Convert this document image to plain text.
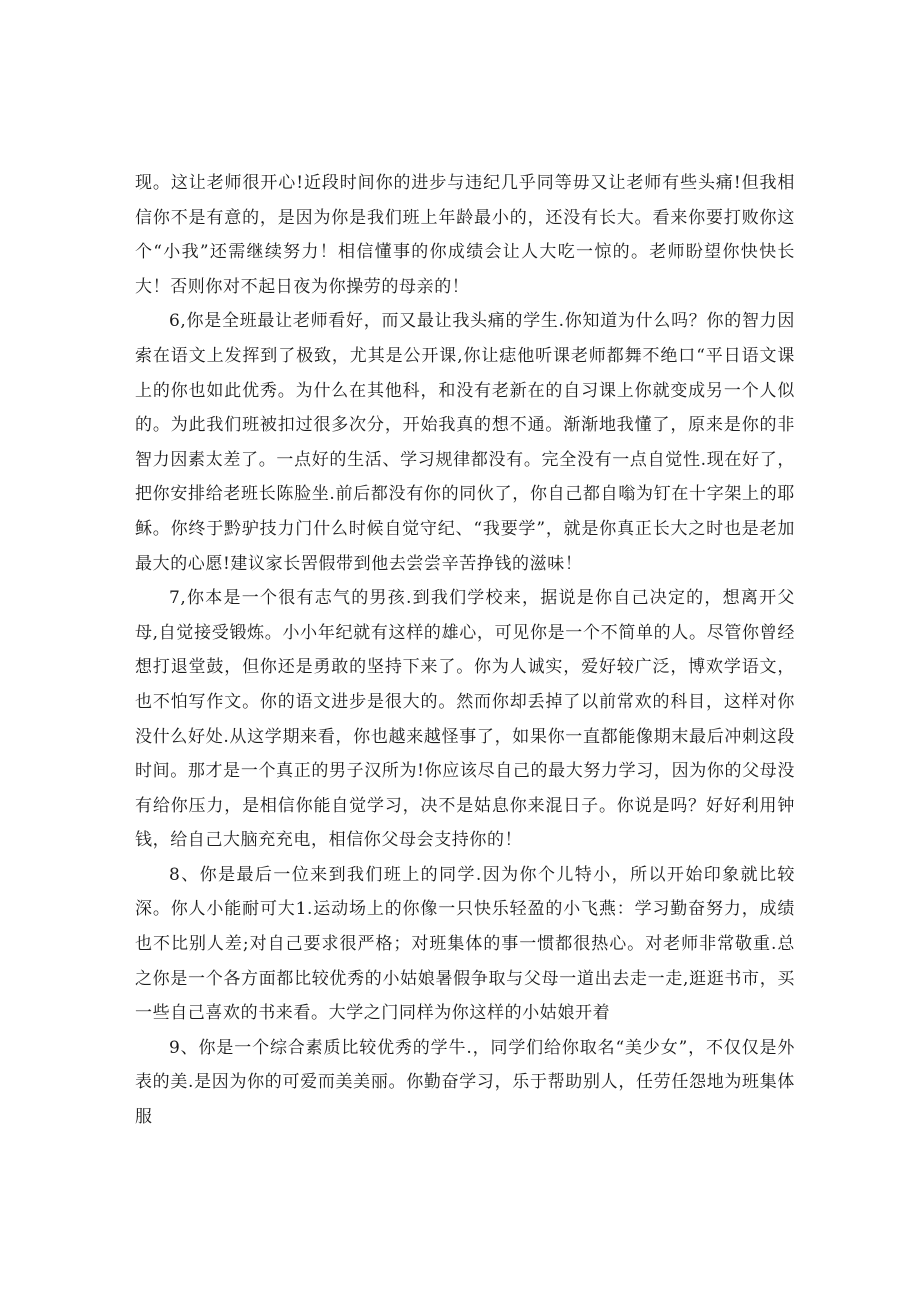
现。这让老师很开心!近段时间你的进步与违纪几乎同等毋又让老师有些头痛!但我相信你不是有意的，是因为你是我们班上年龄最小的，还没有长大。看来你要打败你这个“小我”还需继续努力！相信懂事的你成绩会让人大吃一惊的。老师盼望你快快长大！否则你对不起日夜为你操劳的母亲的！

6,你是全班最让老师看好，而又最让我头痛的学生.你知道为什么吗？你的智力因索在语文上发挥到了极致，尤其是公开课,你让痣他听课老师都舞不绝口“平日语文课上的你也如此优秀。为什么在其他科，和没有老新在的自习课上你就变成另一个人似的。为此我们班被扣过很多次分，开始我真的想不通。渐渐地我懂了，原来是你的非智力因素太差了。一点好的生活、学习规律都没有。完全没有一点自觉性.现在好了，把你安排给老班长陈脸坐.前后都没有你的同伙了，你自己都自嗡为钉在十字架上的耶稣。你终于黔驴技力门什么时候自觉守纪、“我要学”，就是你真正长大之时也是老加最大的心愿!建议家长罟假带到他去尝尝辛苦挣钱的滋味！

7,你本是一个很有志气的男孩.到我们学校来，据说是你自己决定的，想离开父母,自觉接受锻炼。小小年纪就有这样的雄心，可见你是一个不简单的人。尽管你曾经想打退堂鼓，但你还是勇敢的坚持下来了。你为人诚实，爱好较广泛，博欢学语文，也不怕写作文。你的语文进步是很大的。然而你却丢掉了以前常欢的科目，这样对你没什么好处.从这学期来看，你也越来越怪事了，如果你一直都能像期末最后冲刺这段时间。那才是一个真正的男子汉所为!你应该尽自己的最大努力学习，因为你的父母没有给你压力，是相信你能自觉学习，决不是姑息你来混日子。你说是吗？好好利用钟钱，给自己大脑充充电，相信你父母会支持你的！

8、你是最后一位来到我们班上的同学.因为你个儿特小，所以开始印象就比较深。你人小能耐可大1.运动场上的你像一只快乐轻盈的小飞燕：学习勤奋努力，成绩也不比别人差;对自己要求很严格；对班集体的事一惯都很热心。对老师非常敬重.总之你是一个各方面都比较优秀的小姑娘暑假争取与父母一道出去走一走,逛逛书市，买一些自己喜欢的书来看。大学之门同样为你这样的小姑娘开着

9、你是一个综合素质比较优秀的学牛.，同学们给你取名“美少女”，不仅仅是外表的美.是因为你的可爱而美美丽。你勤奋学习，乐于帮助别人，任劳任怨地为班集体服
